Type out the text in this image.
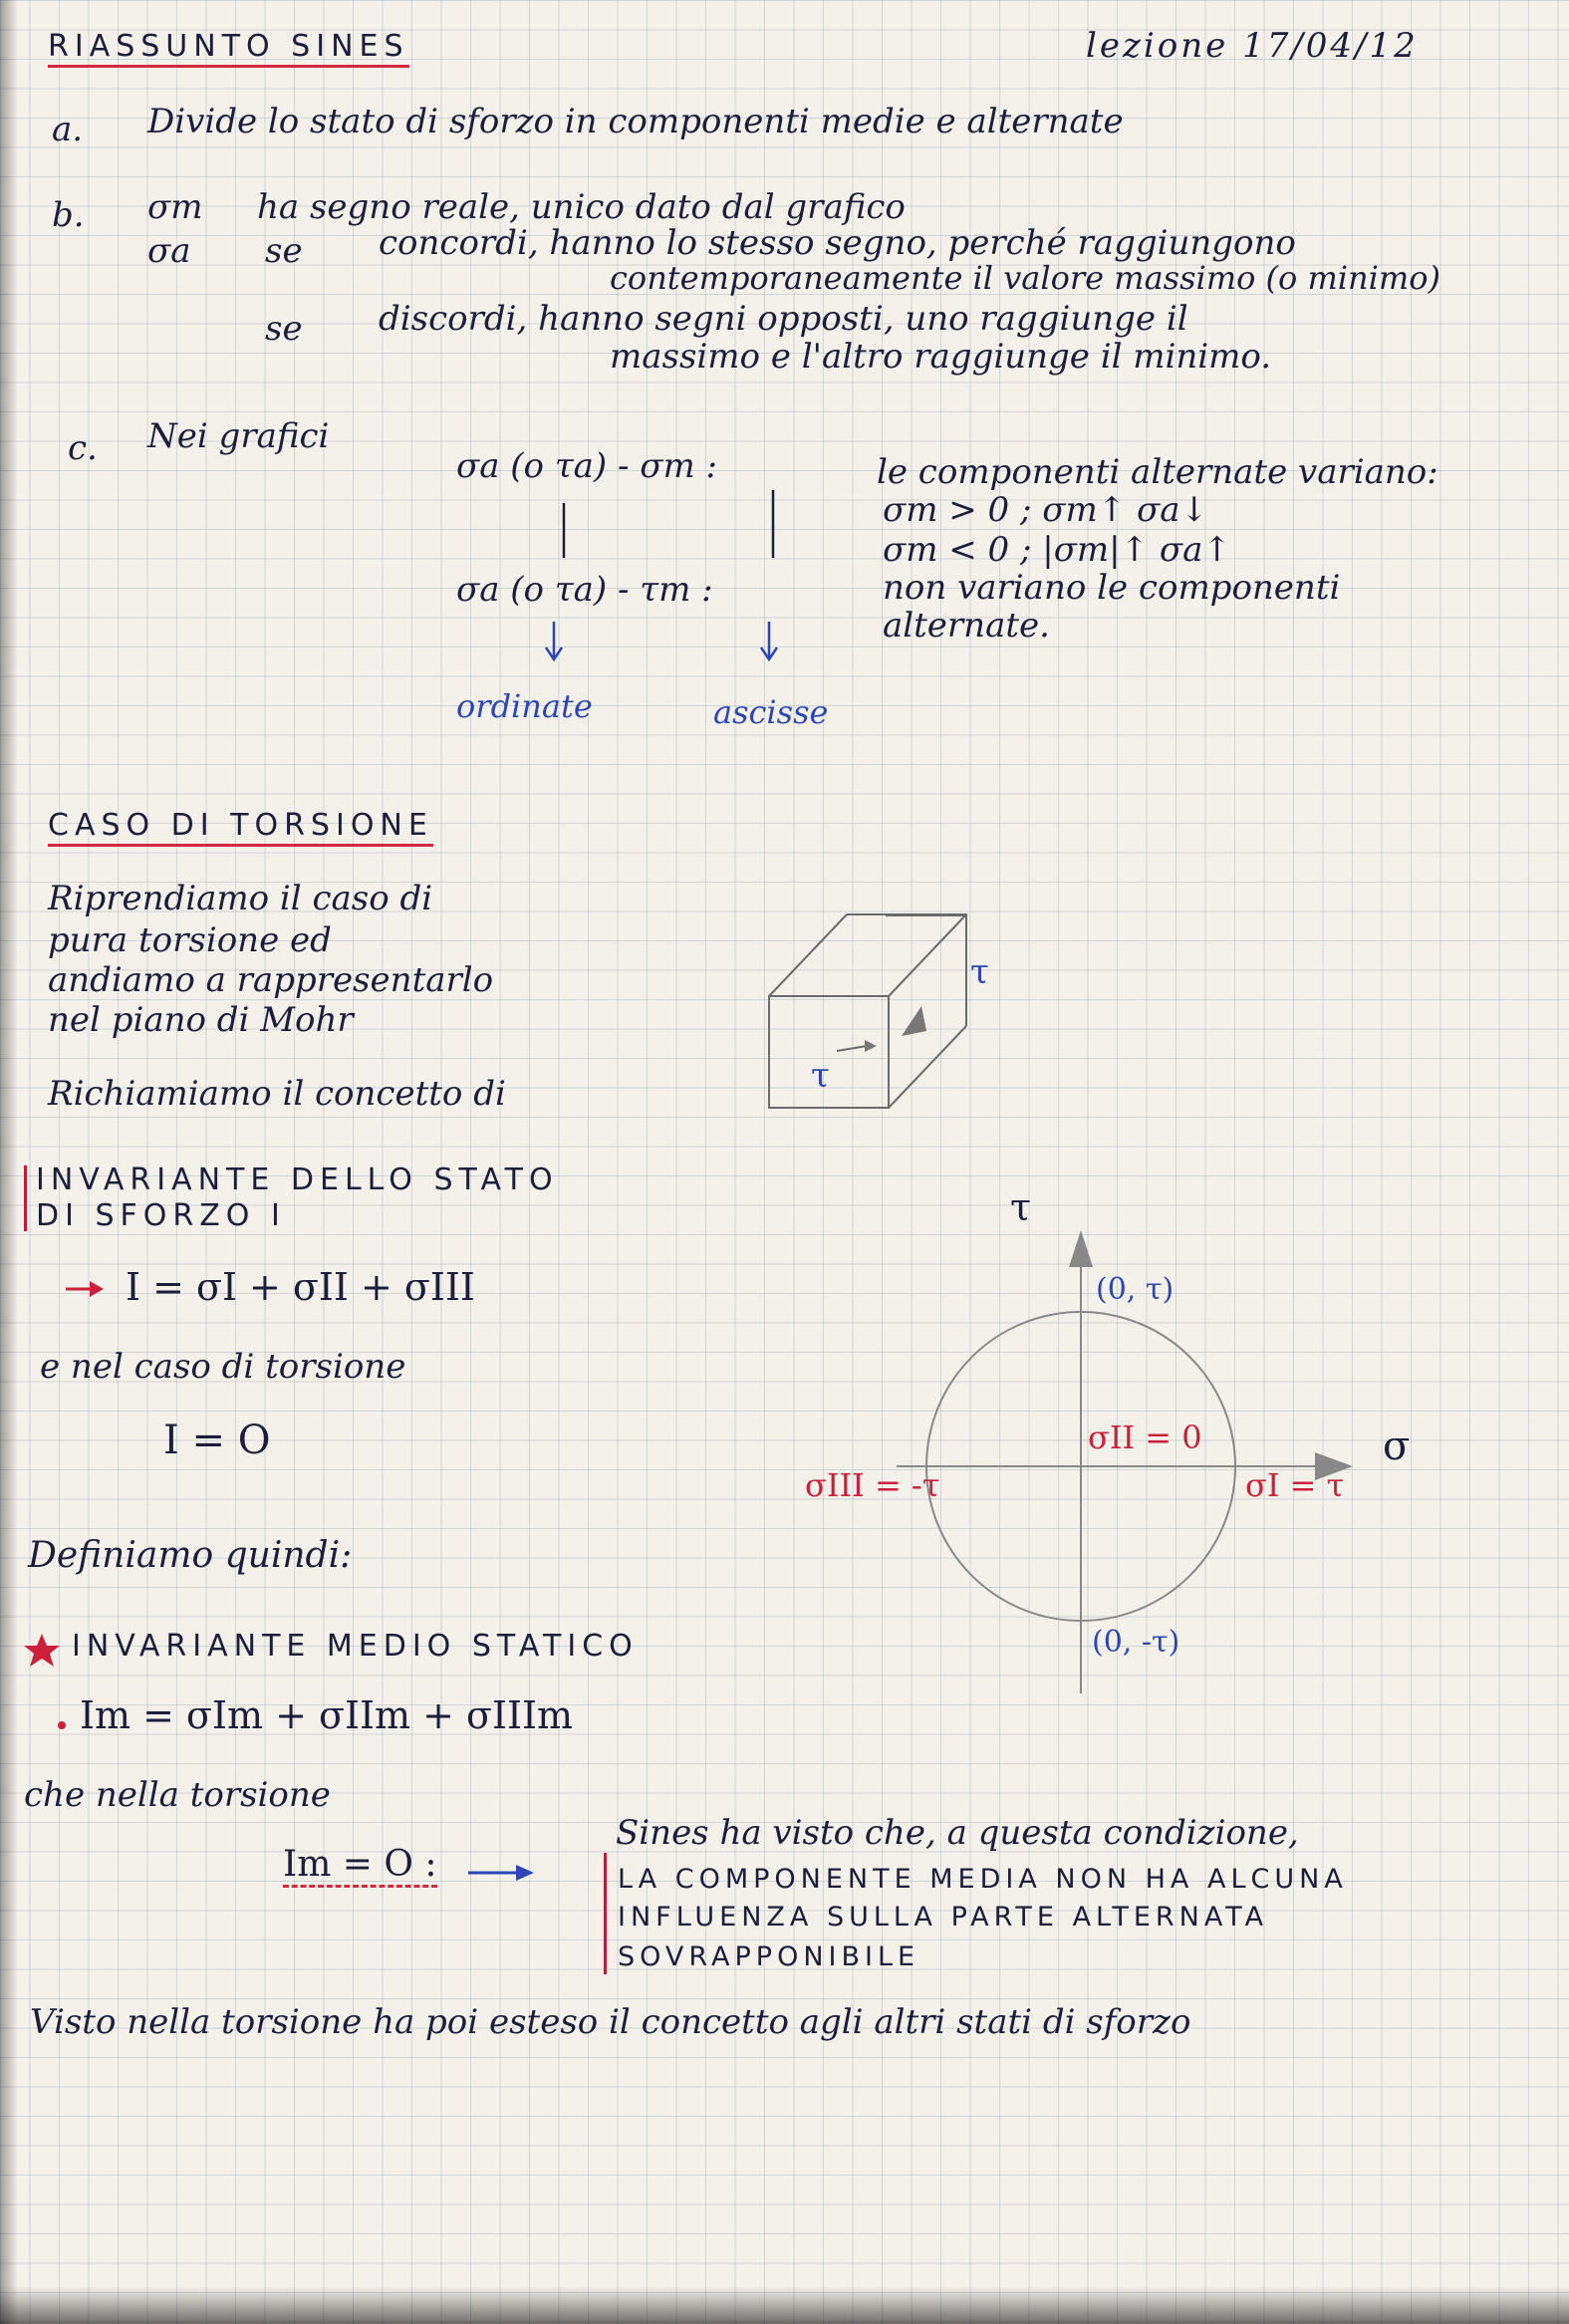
RIASSUNTO SINES	lezione 17/04/12
a. Divide lo stato di sforzo in componenti medie e alternate
b. σm ha segno reale, unico dato dal grafico
σa se concordi, hanno lo stesso segno, perché raggiungono
contemporaneamente il valore massimo (o minimo)
se discordi, hanno segni opposti, uno raggiunge il
massimo e l'altro raggiunge il minimo.
c. Nei grafici
σa (o τa) - σm :
σa (o τa) - τm :
le componenti alternate variano:
σm > 0 ; σm↑ σa↓
σm < 0 ; |σm|↑ σa↑
non variano le componenti
alternate.
ordinate	ascisse
CASO DI TORSIONE
Riprendiamo il caso di
pura torsione ed
andiamo a rappresentarlo
nel piano di Mohr
Richiamiamo il concetto di
τ
τ
INVARIANTE DELLO STATO
DI SFORZO I
I = σI + σII + σIII
e nel caso di torsione
I = O
Definiamo quindi:
INVARIANTE MEDIO STATICO
Im = σIm + σIIm + σIIIm
che nella torsione
Im = O :
Sines ha visto che, a questa condizione,
LA COMPONENTE MEDIA NON HA ALCUNA
INFLUENZA SULLA PARTE ALTERNATA
SOVRAPPONIBILE
Visto nella torsione ha poi esteso il concetto agli altri stati di sforzo
τ
σ
(0, τ)
(0, -τ)
σII = 0
σIII = -τ	σI = τ
